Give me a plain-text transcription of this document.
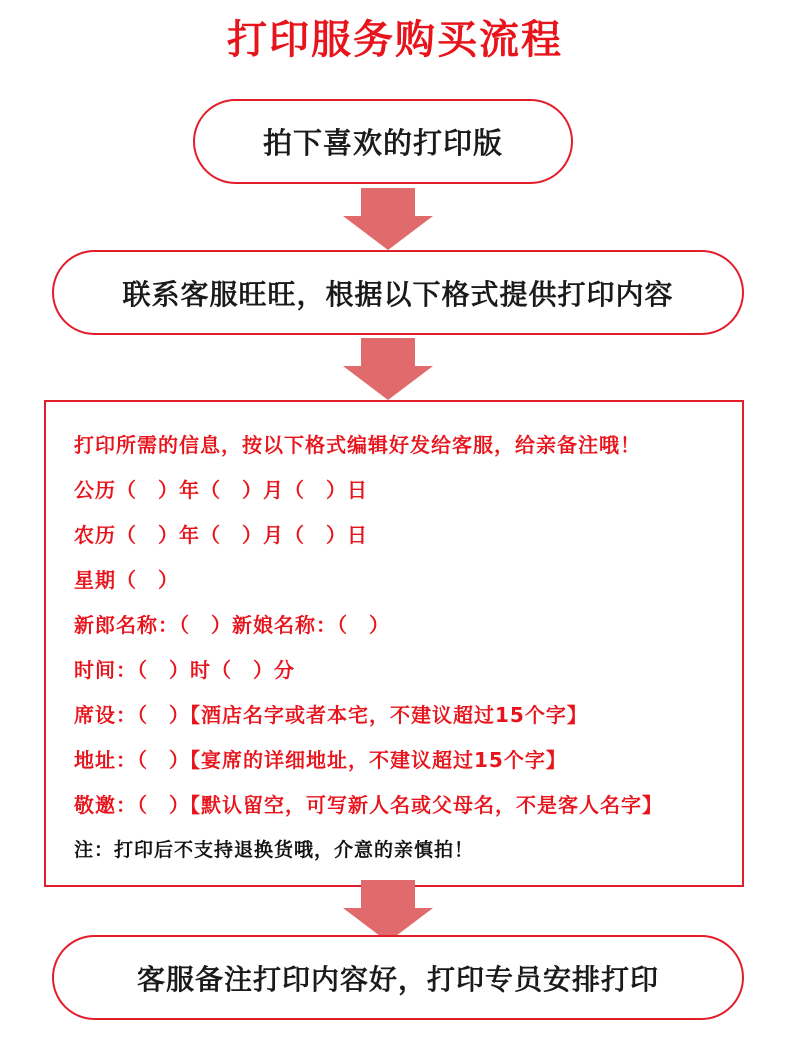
打印服务购买流程
拍下喜欢的打印版
联系客服旺旺，根据以下格式提供打印内容
打印所需的信息，按以下格式编辑好发给客服，给亲备注哦！
公历（　）年（　）月（　）日
农历（　）年（　）月（　）日
星期（　）
新郎名称：（　）新娘名称：（　）
时间：（　）时（　）分
席设：（　）【酒店名字或者本宅，不建议超过15个字】
地址：（　）【宴席的详细地址，不建议超过15个字】
敬邀：（　）【默认留空，可写新人名或父母名，不是客人名字】
注：打印后不支持退换货哦，介意的亲慎拍！
客服备注打印内容好，打印专员安排打印
